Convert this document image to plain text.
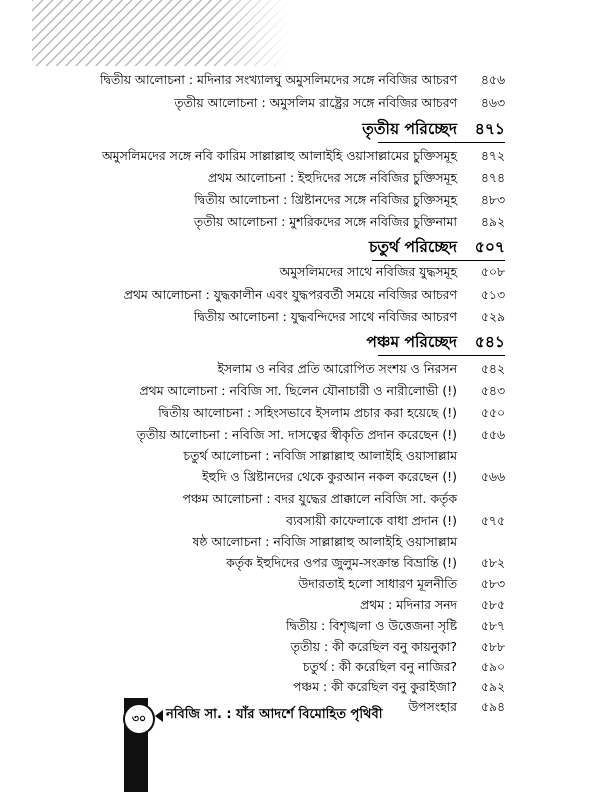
দ্বিতীয় আলোচনা : মদিনার সংখ্যালঘু অমুসলিমদের সঙ্গে নবিজির আচরণ	৪৫৬
তৃতীয় আলোচনা : অমুসলিম রাষ্ট্রের সঙ্গে নবিজির আচরণ	৪৬৩
তৃতীয় পরিচ্ছেদ	৪৭১
অমুসলিমদের সঙ্গে নবি কারিম সাল্লাল্লাহু আলাইহি ওয়াসাল্লামের চুক্তিসমূহ	৪৭২
প্রথম আলোচনা : ইহুদিদের সঙ্গে নবিজির চুক্তিসমূহ	৪৭৪
দ্বিতীয় আলোচনা : খ্রিষ্টানদের সঙ্গে নবিজির চুক্তিসমূহ	৪৮৩
তৃতীয় আলোচনা : মুশরিকদের সঙ্গে নবিজির চুক্তিনামা	৪৯২
চতুর্থ পরিচ্ছেদ	৫০৭
অমুসলিমদের সাথে নবিজির যুদ্ধসমূহ	৫০৮
প্রথম আলোচনা : যুদ্ধকালীন এবং যুদ্ধপরবর্তী সময়ে নবিজির আচরণ	৫১৩
দ্বিতীয় আলোচনা : যুদ্ধবন্দিদের সাথে নবিজির আচরণ	৫২৯
পঞ্চম পরিচ্ছেদ	৫৪১
ইসলাম ও নবির প্রতি আরোপিত সংশয় ও নিরসন	৫৪২
প্রথম আলোচনা : নবিজি সা. ছিলেন যৌনাচারী ও নারীলোভী (!)	৫৪৩
দ্বিতীয় আলোচনা : সহিংসভাবে ইসলাম প্রচার করা হয়েছে (!)	৫৫০
তৃতীয় আলোচনা : নবিজি সা. দাসত্বের স্বীকৃতি প্রদান করেছেন (!)	৫৫৬
চতুর্থ আলোচনা : নবিজি সাল্লাল্লাহু আলাইহি ওয়াসাল্লাম
ইহুদি ও খ্রিষ্টানদের থেকে কুরআন নকল করেছেন (!)	৫৬৬
পঞ্চম আলোচনা : বদর যুদ্ধের প্রাক্কালে নবিজি সা. কর্তৃক
ব্যবসায়ী কাফেলাকে বাধা প্রদান (!)	৫৭৫
ষষ্ঠ আলোচনা : নবিজি সাল্লাল্লাহু আলাইহি ওয়াসাল্লাম
কর্তৃক ইহুদিদের ওপর জুলুম-সংক্রান্ত বিভ্রান্তি (!)	৫৮২
উদারতাই হলো সাধারণ মূলনীতি	৫৮৩
প্রথম : মদিনার সনদ	৫৮৫
দ্বিতীয় : বিশৃঙ্খলা ও উত্তেজনা সৃষ্টি	৫৮৭
তৃতীয় : কী করেছিল বনু কায়নুকা?	৫৮৮
চতুর্থ : কী করেছিল বনু নাজির?	৫৯০
পঞ্চম : কী করেছিল বনু কুরাইজা?	৫৯২
উপসংহার	৫৯৪
৩০	নবিজি সা. : যাঁর আদর্শে বিমোহিত পৃথিবী
